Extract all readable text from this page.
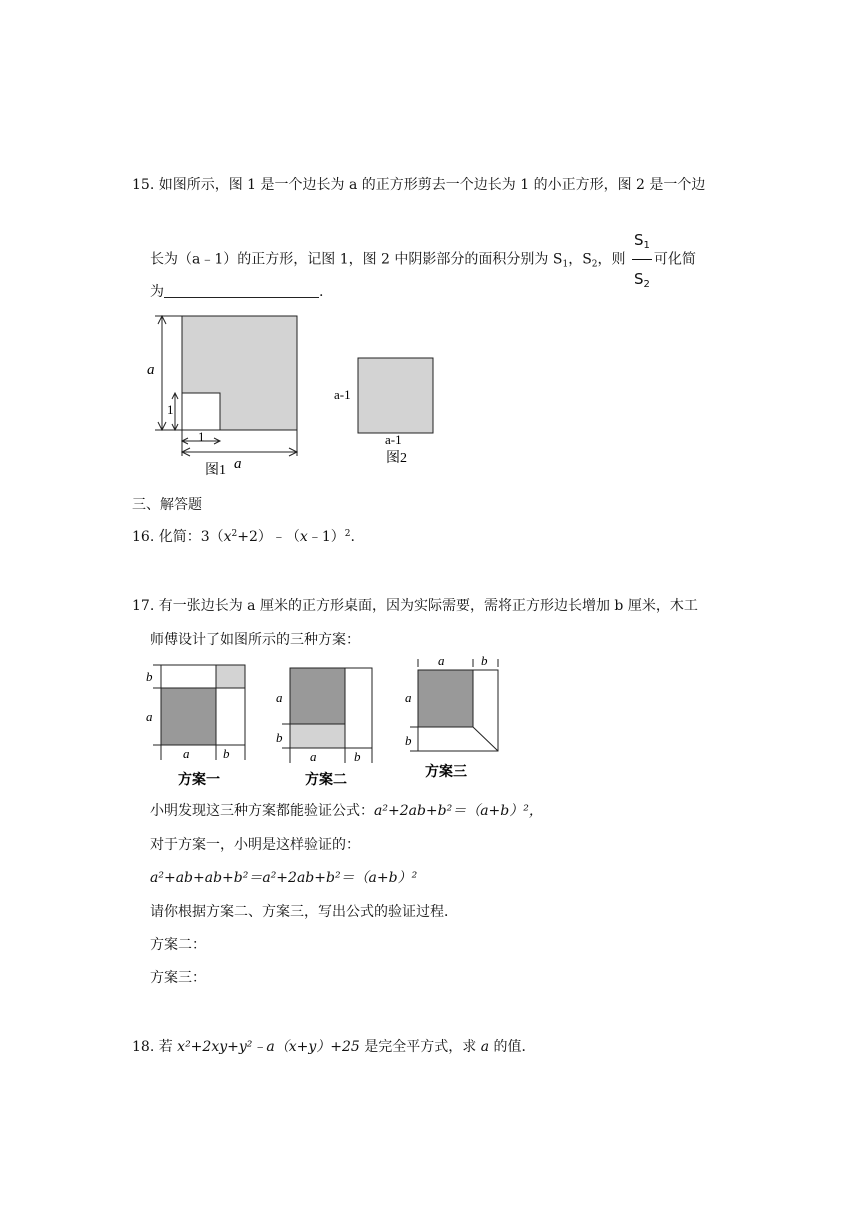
15. 如图所示，图 1 是一个边长为 a 的正方形剪去一个边长为 1 的小正方形，图 2 是一个边
长为（a﹣1）的正方形，记图 1，图 2 中阴影部分的面积分别为 $S_1$，$S_2$，则 $\frac{S_1}{S_2}$ 可化简
为	.
a
1
1
a
图1
a-1
a-1
图2
三、解答题
16. 化简：$3(x^2+2)﹣(x﹣1)^2$.
17. 有一张边长为 a 厘米的正方形桌面，因为实际需要，需将正方形边长增加 b 厘米，木工
师傅设计了如图所示的三种方案：
b
a
a	b
方案一
a
b
a	b
方案二
a	b
a
b
方案三
小明发现这三种方案都能验证公式：a²+2ab+b²＝（a+b）²，
对于方案一，小明是这样验证的：
a²+ab+ab+b²＝a²+2ab+b²＝（a+b）²
请你根据方案二、方案三，写出公式的验证过程．
方案二：
方案三：
18. 若 x²+2xy+y²﹣a（x+y）+25 是完全平方式，求 a 的值．
